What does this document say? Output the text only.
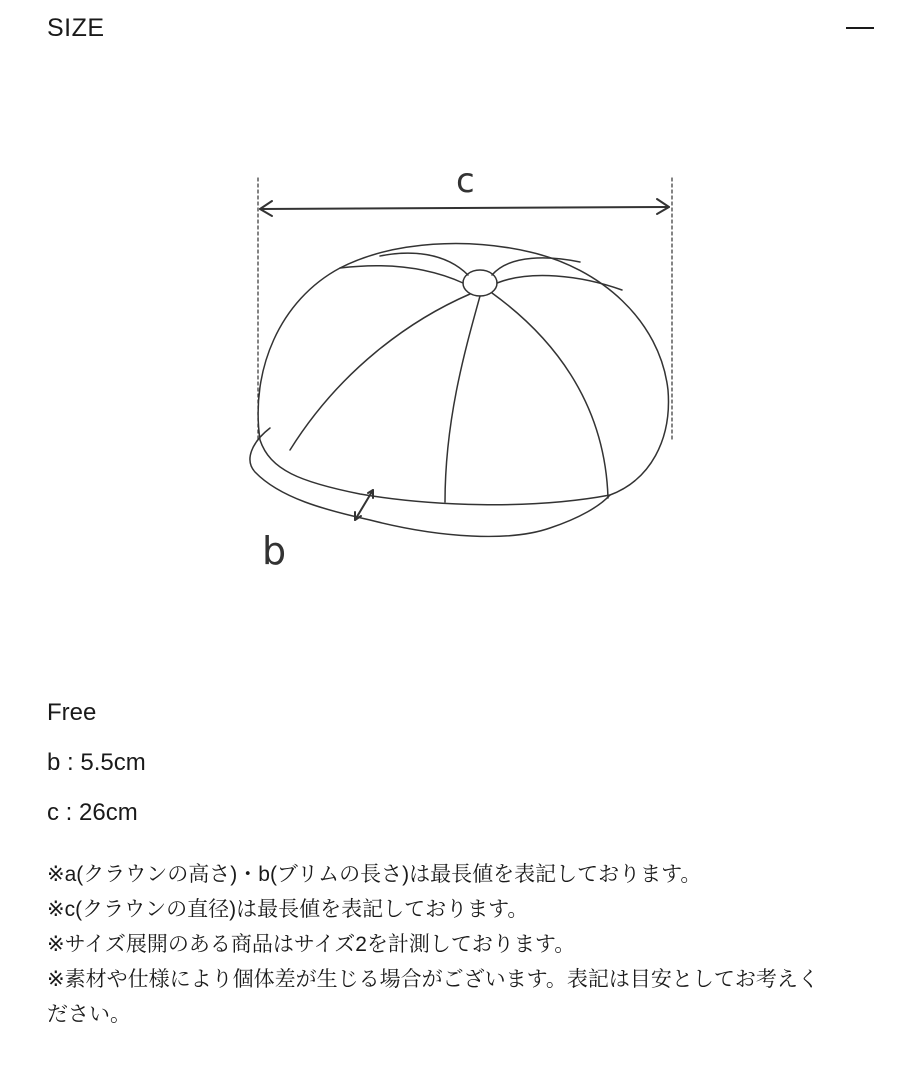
SIZE
c
b
Free
b : 5.5cm
c : 26cm
※a(クラウンの高さ)・b(ブリムの長さ)は最長値を表記しております。
※c(クラウンの直径)は最長値を表記しております。
※サイズ展開のある商品はサイズ2を計測しております。
※素材や仕様により個体差が生じる場合がございます。表記は目安としてお考えく
ださい。
